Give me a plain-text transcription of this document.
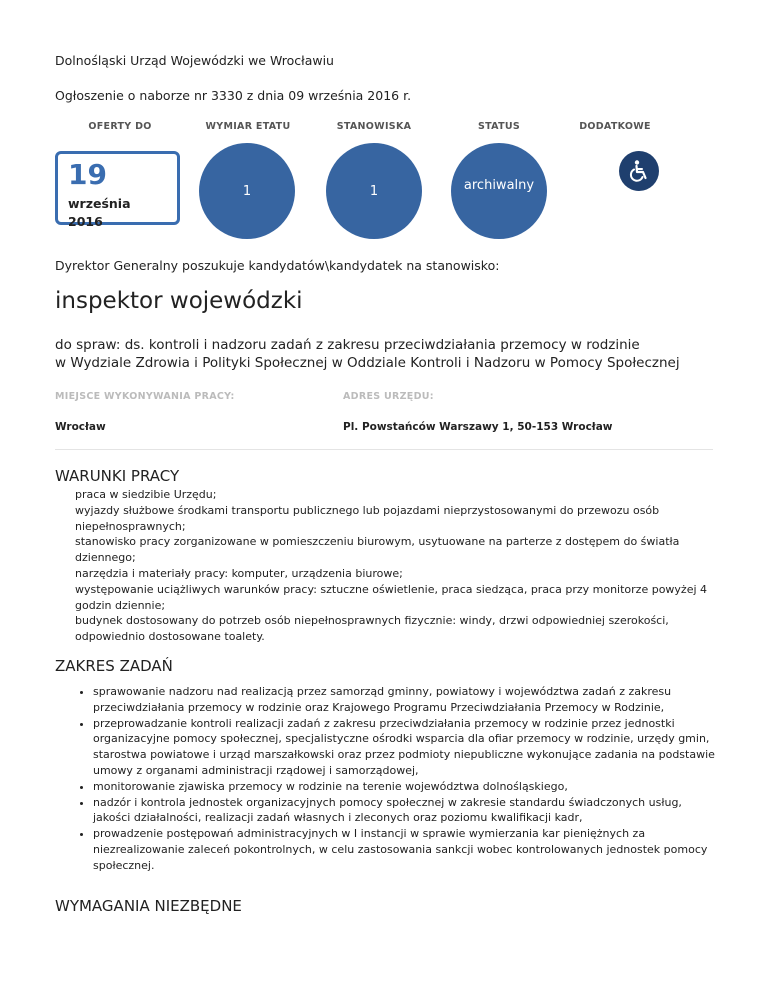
Dolnośląski Urząd Wojewódzki we Wrocławiu
Ogłoszenie o naborze nr 3330 z dnia 09 września 2016 r.
OFERTY DO	WYMIAR ETATU	STANOWISKA	STATUS	DODATKOWE
19
września
2016
1	1	archiwalny
Dyrektor Generalny poszukuje kandydatów\kandydatek na stanowisko:
inspektor wojewódzki
do spraw: ds. kontroli i nadzoru zadań z zakresu przeciwdziałania przemocy w rodzinie
w Wydziale Zdrowia i Polityki Społecznej w Oddziale Kontroli i Nadzoru w Pomocy Społecznej
MIEJSCE WYKONYWANIA PRACY:	ADRES URZĘDU:
Wrocław	Pl. Powstańców Warszawy 1, 50-153 Wrocław
WARUNKI PRACY
praca w siedzibie Urzędu;
wyjazdy służbowe środkami transportu publicznego lub pojazdami nieprzystosowanymi do przewozu osób niepełnosprawnych;
stanowisko pracy zorganizowane w pomieszczeniu biurowym, usytuowane na parterze z dostępem do światła dziennego;
narzędzia i materiały pracy: komputer, urządzenia biurowe;
występowanie uciążliwych warunków pracy: sztuczne oświetlenie, praca siedząca, praca przy monitorze powyżej 4 godzin dziennie;
budynek dostosowany do potrzeb osób niepełnosprawnych fizycznie: windy, drzwi odpowiedniej szerokości, odpowiednio dostosowane toalety.
ZAKRES ZADAŃ
• sprawowanie nadzoru nad realizacją przez samorząd gminny, powiatowy i województwa zadań z zakresu przeciwdziałania przemocy w rodzinie oraz Krajowego Programu Przeciwdziałania Przemocy w Rodzinie,
• przeprowadzanie kontroli realizacji zadań z zakresu przeciwdziałania przemocy w rodzinie przez jednostki organizacyjne pomocy społecznej, specjalistyczne ośrodki wsparcia dla ofiar przemocy w rodzinie, urzędy gmin, starostwa powiatowe i urząd marszałkowski oraz przez podmioty niepubliczne wykonujące zadania na podstawie umowy z organami administracji rządowej i samorządowej,
• monitorowanie zjawiska przemocy w rodzinie na terenie województwa dolnośląskiego,
• nadzór i kontrola jednostek organizacyjnych pomocy społecznej w zakresie standardu świadczonych usług, jakości działalności, realizacji zadań własnych i zleconych oraz poziomu kwalifikacji kadr,
• prowadzenie postępowań administracyjnych w I instancji w sprawie wymierzania kar pieniężnych za niezrealizowanie zaleceń pokontrolnych, w celu zastosowania sankcji wobec kontrolowanych jednostek pomocy społecznej.
WYMAGANIA NIEZBĘDNE
